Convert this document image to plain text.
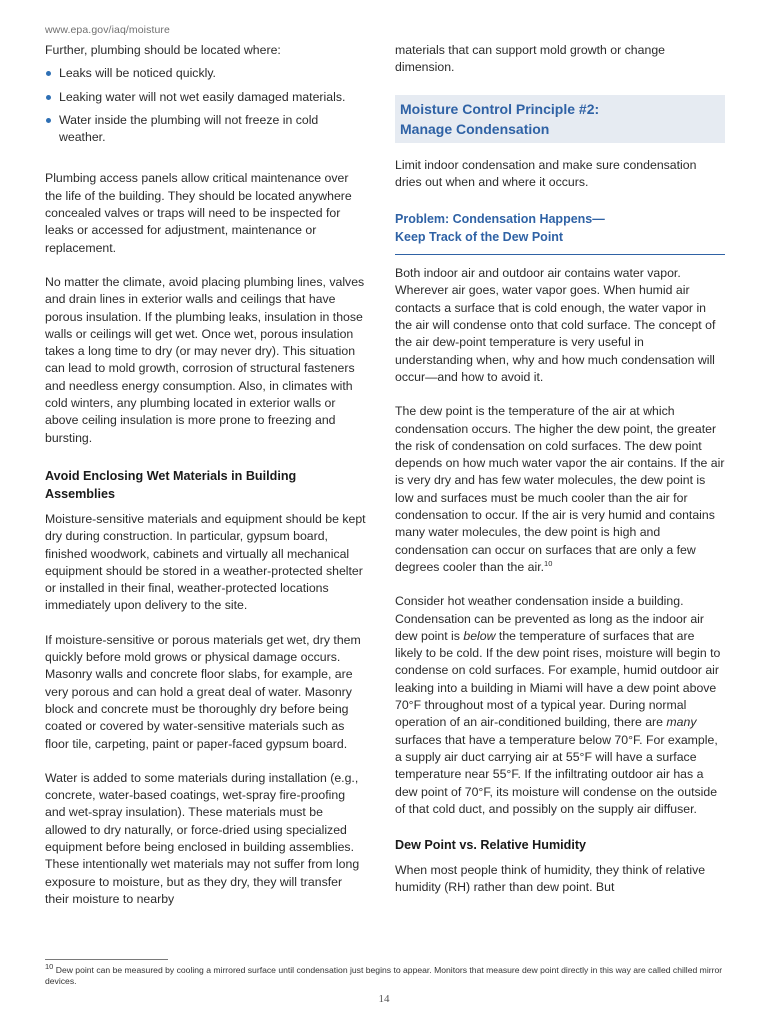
www.epa.gov/iaq/moisture

Further, plumbing should be located where:

Leaks will be noticed quickly.
Leaking water will not wet easily damaged materials.
Water inside the plumbing will not freeze in cold weather.

Plumbing access panels allow critical maintenance over the life of the building. They should be located anywhere concealed valves or traps will need to be inspected for leaks or accessed for adjustment, maintenance or replacement.

No matter the climate, avoid placing plumbing lines, valves and drain lines in exterior walls and ceilings that have porous insulation. If the plumbing leaks, insulation in those walls or ceilings will get wet. Once wet, porous insulation takes a long time to dry (or may never dry). This situation can lead to mold growth, corrosion of structural fasteners and needless energy consumption. Also, in climates with cold winters, any plumbing located in exterior walls or above ceiling insulation is more prone to freezing and bursting.

Avoid Enclosing Wet Materials in Building Assemblies

Moisture-sensitive materials and equipment should be kept dry during construction. In particular, gypsum board, finished woodwork, cabinets and virtually all mechanical equipment should be stored in a weather-protected shelter or installed in their final, weather-protected locations immediately upon delivery to the site.

If moisture-sensitive or porous materials get wet, dry them quickly before mold grows or physical damage occurs. Masonry walls and concrete floor slabs, for example, are very porous and can hold a great deal of water. Masonry block and concrete must be thoroughly dry before being coated or covered by water-sensitive materials such as floor tile, carpeting, paint or paper-faced gypsum board.

Water is added to some materials during installation (e.g., concrete, water-based coatings, wet-spray fire-proofing and wet-spray insulation). These materials must be allowed to dry naturally, or force-dried using specialized equipment before being enclosed in building assemblies. These intentionally wet materials may not suffer from long exposure to moisture, but as they dry, they will transfer their moisture to nearby

materials that can support mold growth or change dimension.

Moisture Control Principle #2:
Manage Condensation

Limit indoor condensation and make sure condensation dries out when and where it occurs.

Problem: Condensation Happens—
Keep Track of the Dew Point

Both indoor air and outdoor air contains water vapor. Wherever air goes, water vapor goes. When humid air contacts a surface that is cold enough, the water vapor in the air will condense onto that cold surface. The concept of the air dew-point temperature is very useful in understanding when, why and how much condensation will occur—and how to avoid it.

The dew point is the temperature of the air at which condensation occurs. The higher the dew point, the greater the risk of condensation on cold surfaces. The dew point depends on how much water vapor the air contains. If the air is very dry and has few water molecules, the dew point is low and surfaces must be much cooler than the air for condensation to occur. If the air is very humid and contains many water molecules, the dew point is high and condensation can occur on surfaces that are only a few degrees cooler than the air.$^{10}$

Consider hot weather condensation inside a building. Condensation can be prevented as long as the indoor air dew point is below the temperature of surfaces that are likely to be cold. If the dew point rises, moisture will begin to condense on cold surfaces. For example, humid outdoor air leaking into a building in Miami will have a dew point above 70°F throughout most of a typical year. During normal operation of an air-conditioned building, there are many surfaces that have a temperature below 70°F. For example, a supply air duct carrying air at 55°F will have a surface temperature near 55°F. If the infiltrating outdoor air has a dew point of 70°F, its moisture will condense on the outside of that cold duct, and possibly on the supply air diffuser.

Dew Point vs. Relative Humidity

When most people think of humidity, they think of relative humidity (RH) rather than dew point. But

$^{10}$ Dew point can be measured by cooling a mirrored surface until condensation just begins to appear. Monitors that measure dew point directly in this way are called chilled mirror devices.
14
